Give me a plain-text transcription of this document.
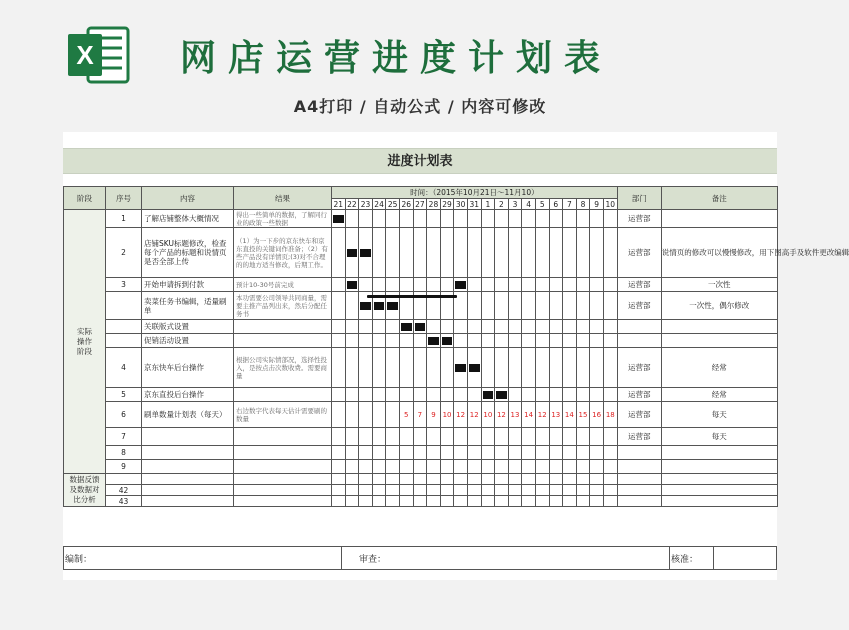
X 网店运营进度计划表
A4打印 / 自动公式 / 内容可修改
进度计划表
阶段	序号	内容	结果	时间：（2015年10月21日～11月10）																					部门	备注
				21	22	23	24	25	26	27	28	29	30	31	1	2	3	4	5	6	7	8	9	10		
实际
操作
阶段	1	了解店铺整体大概情况	得出一些简单的数据，了解同行业的政策一些数据																						运营部	
	2	店铺SKU标题修改，检查每个产品的标题和说情页是否全部上传	（1）为一下步的京东快车和京东直投的关键词作准备；（2）有些产品没有详情页;(3)对不合理的的地方适当修改，后期工作。																						运营部	说情页的修改可以慢慢修改，用下图高手及软件更改编辑
	3	开始申请拆到付款	预计10-30号前完成																						运营部	一次性
		卖菜任务书编辑，适量刷单	本功需要公司领导共同商量，需要主推产品列出来，然后分配任务书																						运营部	一次性，偶尔修改
		关联版式设置																								
		促销活动设置																								
	4	京东快车后台操作	根据公司实际情部况，选择性投入，是按点击次数收费。需要商量																						运营部	经常
	5	京东直投后台操作																							运营部	经常
	6	刷单数量计划表（每天）	右边数字代表每天估计需要刷的数量						5	7	9	10	12	12	10	12	13	14	12	13	14	15	16	18	运营部	每天
	7																								运营部	每天
	8																									
	9																									
数据反馈
及数据对
比分析																										
	42																									
	43																									
编制：	审查：	核准：
